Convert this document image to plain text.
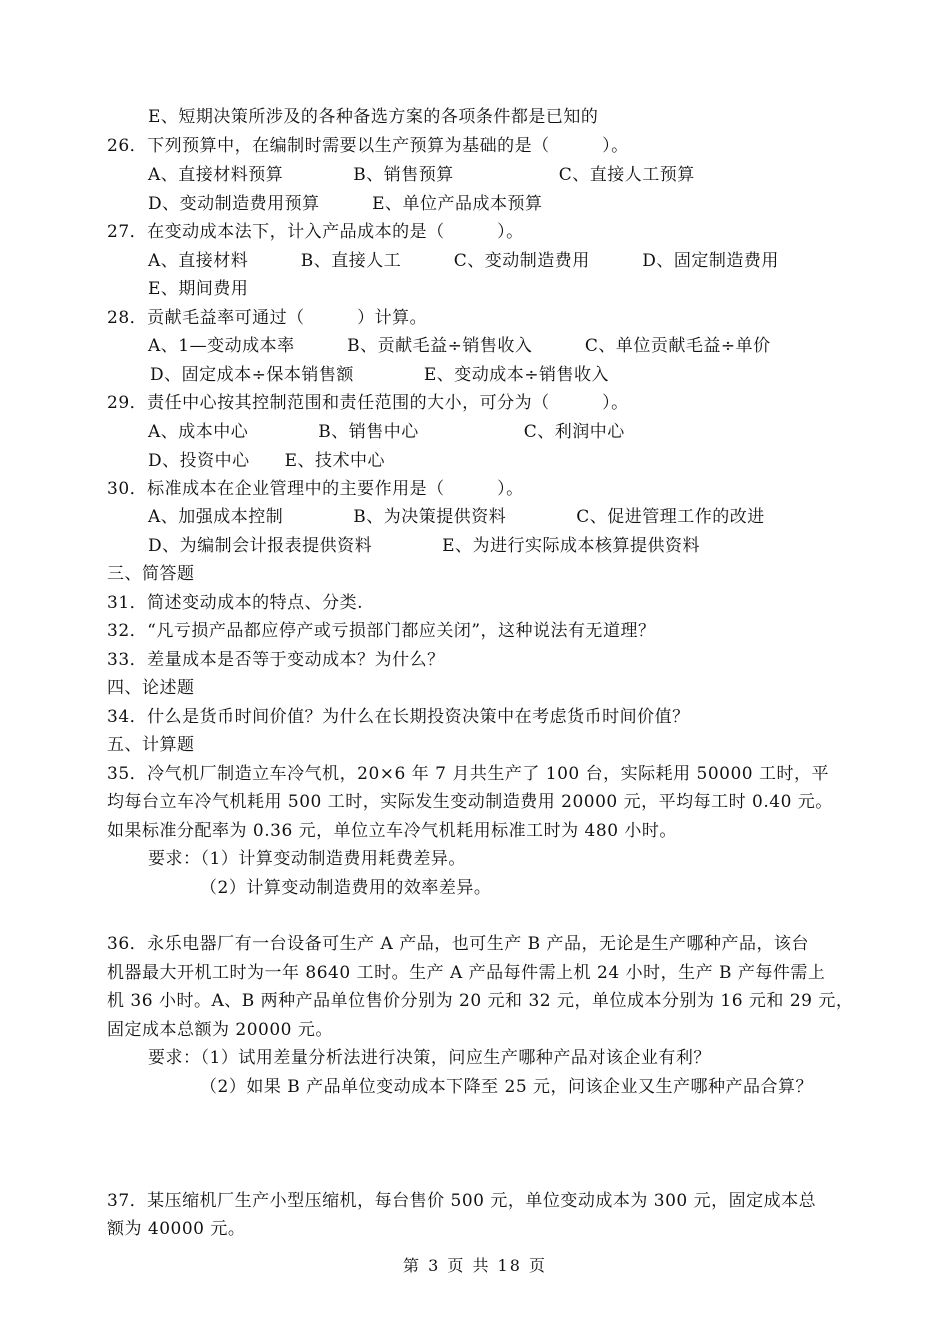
E、短期决策所涉及的各种备选方案的各项条件都是已知的
26．下列预算中，在编制时需要以生产预算为基础的是（　　　）。
A、直接材料预算　　　　B、销售预算　　　　　　C、直接人工预算
D、变动制造费用预算　　　E、单位产品成本预算
27．在变动成本法下，计入产品成本的是（　　　）。
A、直接材料　　　B、直接人工　　　C、变动制造费用　　　D、固定制造费用
E、期间费用
28．贡献毛益率可通过（　　　）计算。
A、1—变动成本率　　　B、贡献毛益÷销售收入　　　C、单位贡献毛益÷单价
D、固定成本÷保本销售额　　　　E、变动成本÷销售收入
29．责任中心按其控制范围和责任范围的大小，可分为（　　　）。
A、成本中心　　　　B、销售中心　　　　　　C、利润中心
D、投资中心　　E、技术中心
30．标准成本在企业管理中的主要作用是（　　　）。
A、加强成本控制　　　　B、为决策提供资料　　　　C、促进管理工作的改进
D、为编制会计报表提供资料　　　　E、为进行实际成本核算提供资料
三、简答题
31．简述变动成本的特点、分类.
32．“凡亏损产品都应停产或亏损部门都应关闭”，这种说法有无道理？
33．差量成本是否等于变动成本？为什么？
四、论述题
34．什么是货币时间价值？为什么在长期投资决策中在考虑货币时间价值？
五、计算题
35．冷气机厂制造立车冷气机，20×6 年 7 月共生产了 100 台，实际耗用 50000 工时，平
均每台立车冷气机耗用 500 工时，实际发生变动制造费用 20000 元，平均每工时 0.40 元。
如果标准分配率为 0.36 元，单位立车冷气机耗用标准工时为 480 小时。
要求：（1）计算变动制造费用耗费差异。
（2）计算变动制造费用的效率差异。
36．永乐电器厂有一台设备可生产 A 产品，也可生产 B 产品，无论是生产哪种产品，该台
机器最大开机工时为一年 8640 工时。生产 A 产品每件需上机 24 小时，生产 B 产每件需上
机 36 小时。A、B 两种产品单位售价分别为 20 元和 32 元，单位成本分别为 16 元和 29 元，
固定成本总额为 20000 元。
要求：（1）试用差量分析法进行决策，问应生产哪种产品对该企业有利？
（2）如果 B 产品单位变动成本下降至 25 元，问该企业又生产哪种产品合算？
37．某压缩机厂生产小型压缩机，每台售价 500 元，单位变动成本为 300 元，固定成本总
额为 40000 元。
第 3 页 共 18 页
